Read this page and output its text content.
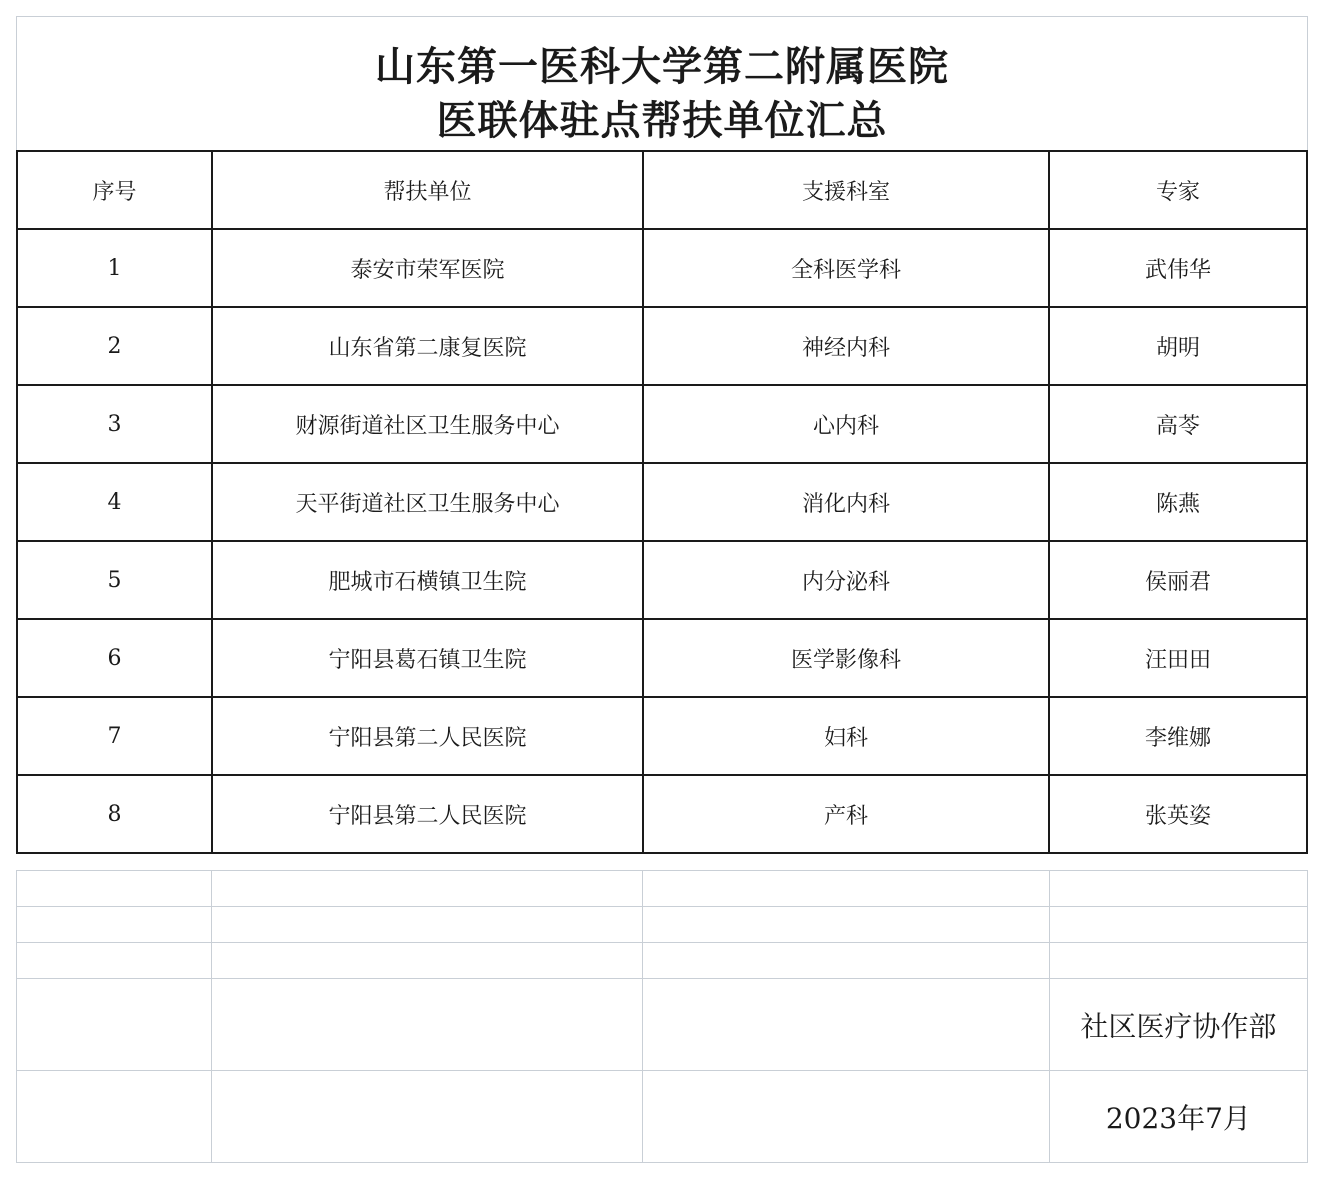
山东第一医科大学第二附属医院
医联体驻点帮扶单位汇总
序号	帮扶单位	支援科室	专家
1	泰安市荣军医院	全科医学科	武伟华
2	山东省第二康复医院	神经内科	胡明
3	财源街道社区卫生服务中心	心内科	高苓
4	天平街道社区卫生服务中心	消化内科	陈燕
5	肥城市石横镇卫生院	内分泌科	侯丽君
6	宁阳县葛石镇卫生院	医学影像科	汪田田
7	宁阳县第二人民医院	妇科	李维娜
8	宁阳县第二人民医院	产科	张英姿

			社区医疗协作部
			2023年7月
